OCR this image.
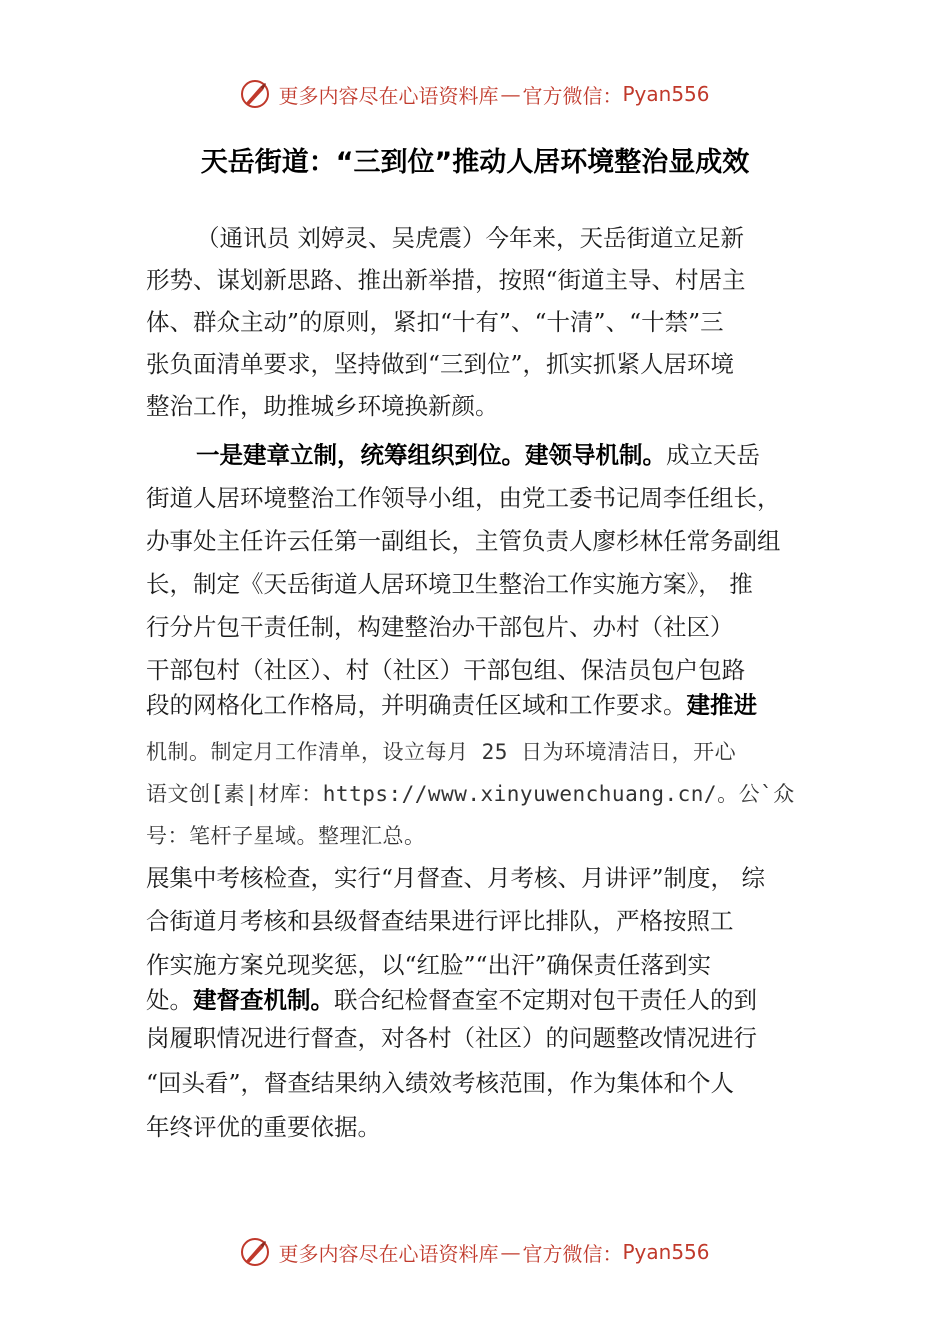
更多内容尽在心语资料库 — 官方微信： Pyan556
天岳街道：“三到位”推动人居环境整治显成效
（通讯员 刘婷灵、吴虎震）今年来，天岳街道立足新
形势、谋划新思路、推出新举措，按照“街道主导、村居主
体、群众主动”的原则，紧扣“十有”、“十清”、“十禁”三
张负面清单要求，坚持做到“三到位”，抓实抓紧人居环境
整治工作，助推城乡环境换新颜。
一是建章立制，统筹组织到位。建领导机制。成立天岳
街道人居环境整治工作领导小组，由党工委书记周李任组长，
办事处主任许云任第一副组长，主管负责人廖杉林任常务副组
长，制定《天岳街道人居环境卫生整治工作实施方案》， 推
行分片包干责任制，构建整治办干部包片、办村（社区）
干部包村（社区）、村（社区）干部包组、保洁员包户包路
段的网格化工作格局，并明确责任区域和工作要求。建推进
机制。制定月工作清单，设立每月 25 日为环境清洁日，开心
语文创[素|材库：https://www.xinyuwenchuang.cn/。公`众
号：笔杆子星域。整理汇总。
展集中考核检查，实行“月督查、月考核、月讲评”制度， 综
合街道月考核和县级督查结果进行评比排队，严格按照工
作实施方案兑现奖惩，以“红脸”“出汗”确保责任落到实
处。建督查机制。联合纪检督查室不定期对包干责任人的到
岗履职情况进行督查，对各村（社区）的问题整改情况进行
“回头看”，督查结果纳入绩效考核范围，作为集体和个人
年终评优的重要依据。
更多内容尽在心语资料库 — 官方微信： Pyan556
